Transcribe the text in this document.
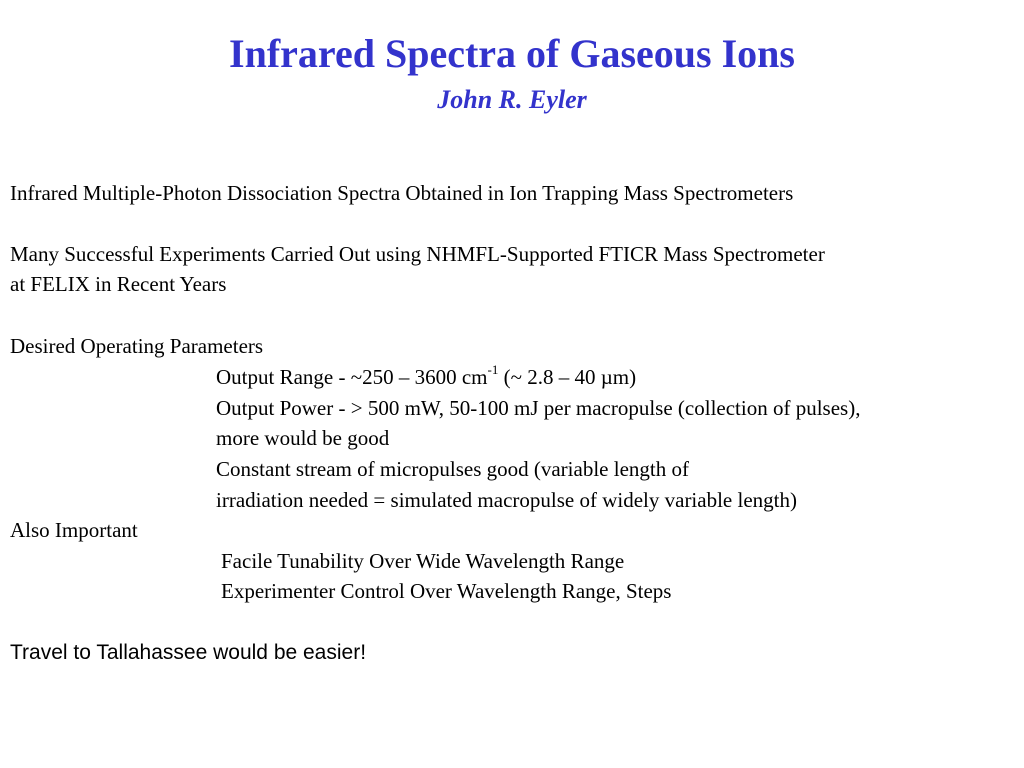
Infrared Spectra of Gaseous Ions
John R. Eyler
Infrared Multiple-Photon Dissociation Spectra Obtained in Ion Trapping Mass Spectrometers
Many Successful Experiments Carried Out using NHMFL-Supported FTICR Mass Spectrometer
at FELIX in Recent Years
Desired Operating Parameters
Output Range - ~250 – 3600 $cm^{-1}$ (~ 2.8 – 40 µm)
Output Power - > 500 mW, 50-100 mJ per macropulse (collection of pulses),
more would be good
Constant stream of micropulses good (variable length of
irradiation needed = simulated macropulse of widely variable length)
Also Important
Facile Tunability Over Wide Wavelength Range
Experimenter Control Over Wavelength Range, Steps
Travel to Tallahassee would be easier!
